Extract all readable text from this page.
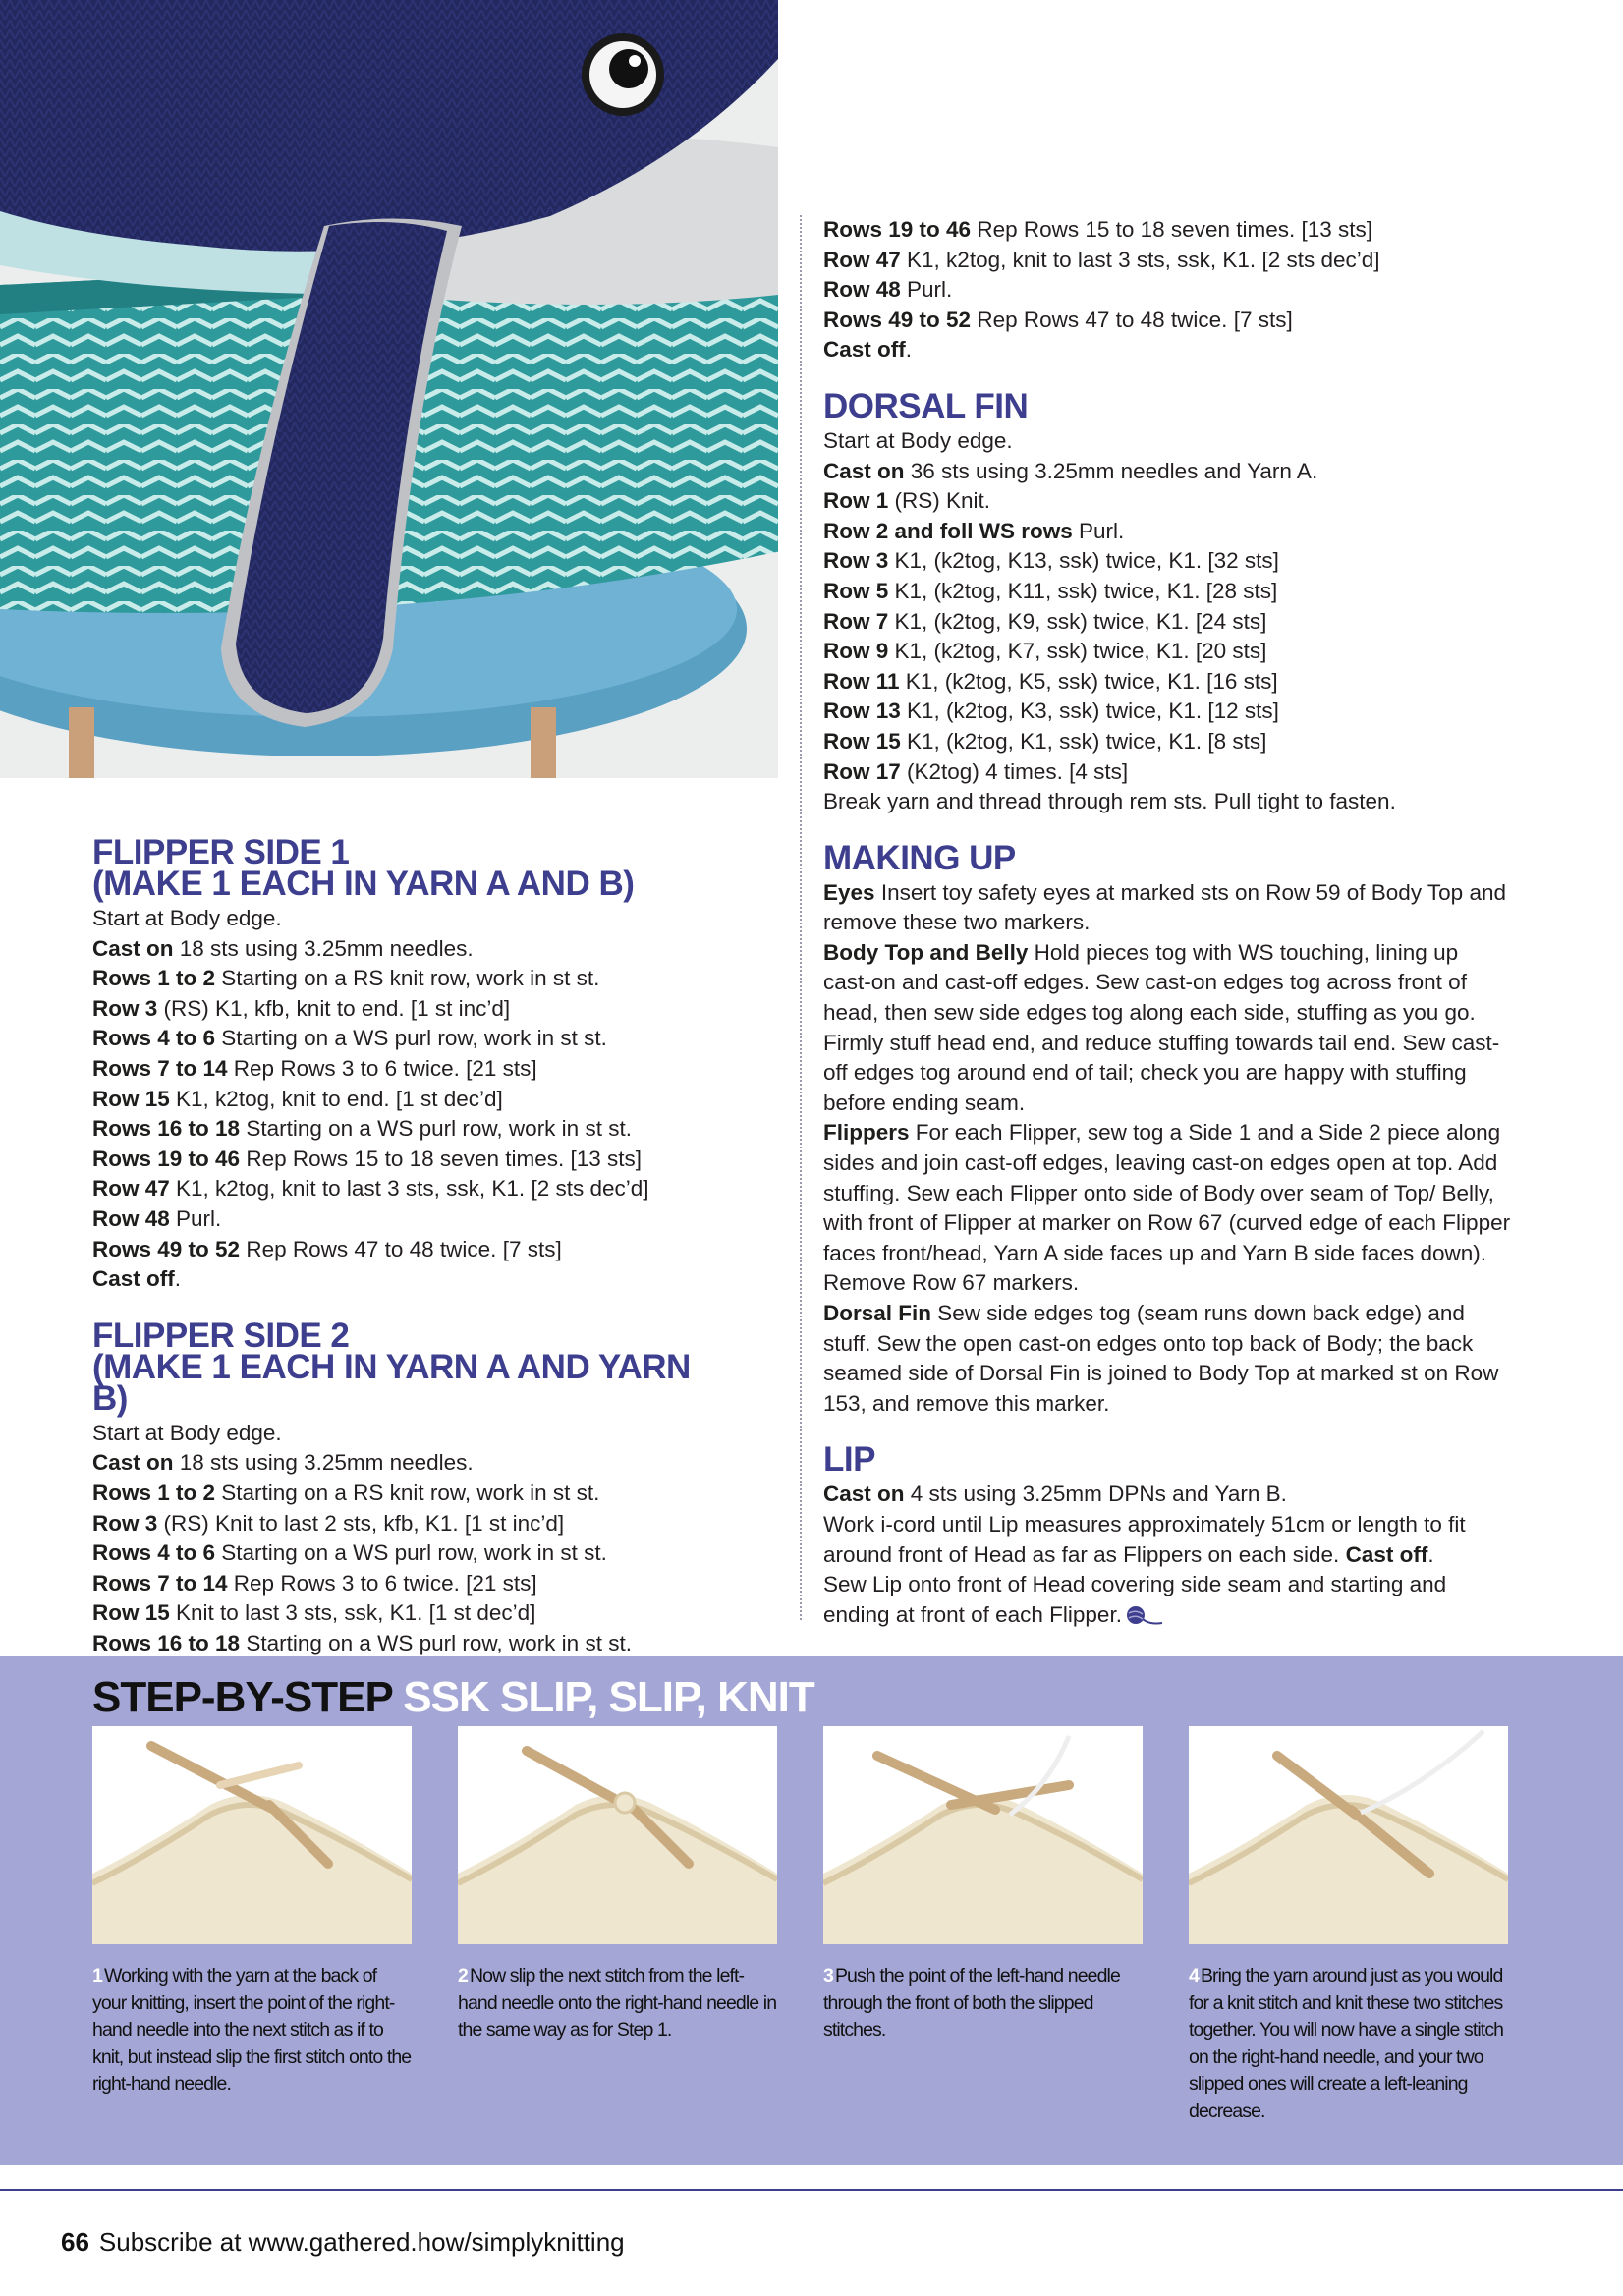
FLIPPER SIDE 1
(MAKE 1 EACH IN YARN A AND B)

Start at Body edge.

Cast on 18 sts using 3.25mm needles.

Rows 1 to 2 Starting on a RS knit row, work in st st.

Row 3 (RS) K1, kfb, knit to end. [1 st inc’d]

Rows 4 to 6 Starting on a WS purl row, work in st st.

Rows 7 to 14 Rep Rows 3 to 6 twice. [21 sts]

Row 15 K1, k2tog, knit to end. [1 st dec’d]

Rows 16 to 18 Starting on a WS purl row, work in st st.

Rows 19 to 46 Rep Rows 15 to 18 seven times. [13 sts]

Row 47 K1, k2tog, knit to last 3 sts, ssk, K1. [2 sts dec’d]

Row 48 Purl.

Rows 49 to 52 Rep Rows 47 to 48 twice. [7 sts]

Cast off.

FLIPPER SIDE 2
(MAKE 1 EACH IN YARN A AND YARN B)

Start at Body edge.

Cast on 18 sts using 3.25mm needles.

Rows 1 to 2 Starting on a RS knit row, work in st st.

Row 3 (RS) Knit to last 2 sts, kfb, K1. [1 st inc’d]

Rows 4 to 6 Starting on a WS purl row, work in st st.

Rows 7 to 14 Rep Rows 3 to 6 twice. [21 sts]

Row 15 Knit to last 3 sts, ssk, K1. [1 st dec’d]

Rows 16 to 18 Starting on a WS purl row, work in st st.

Rows 19 to 46 Rep Rows 15 to 18 seven times. [13 sts]

Row 47 K1, k2tog, knit to last 3 sts, ssk, K1. [2 sts dec’d]

Row 48 Purl.

Rows 49 to 52 Rep Rows 47 to 48 twice. [7 sts]

Cast off.

DORSAL FIN

Start at Body edge.

Cast on 36 sts using 3.25mm needles and Yarn A.

Row 1 (RS) Knit.

Row 2 and foll WS rows Purl.

Row 3 K1, (k2tog, K13, ssk) twice, K1. [32 sts]

Row 5 K1, (k2tog, K11, ssk) twice, K1. [28 sts]

Row 7 K1, (k2tog, K9, ssk) twice, K1. [24 sts]

Row 9 K1, (k2tog, K7, ssk) twice, K1. [20 sts]

Row 11 K1, (k2tog, K5, ssk) twice, K1. [16 sts]

Row 13 K1, (k2tog, K3, ssk) twice, K1. [12 sts]

Row 15 K1, (k2tog, K1, ssk) twice, K1. [8 sts]

Row 17 (K2tog) 4 times. [4 sts]

Break yarn and thread through rem sts. Pull tight to fasten.

MAKING UP

Eyes Insert toy safety eyes at marked sts on Row 59 of Body Top and remove these two markers.

Body Top and Belly Hold pieces tog with WS touching, lining up cast-on and cast-off edges. Sew cast-on edges tog across front of head, then sew side edges tog along each side, stuffing as you go. Firmly stuff head end, and reduce stuffing towards tail end. Sew cast-off edges tog around end of tail; check you are happy with stuffing before ending seam.

Flippers For each Flipper, sew tog a Side 1 and a Side 2 piece along sides and join cast-off edges, leaving cast-on edges open at top. Add stuffing. Sew each Flipper onto side of Body over seam of Top/ Belly, with front of Flipper at marker on Row 67 (curved edge of each Flipper faces front/head, Yarn A side faces up and Yarn B side faces down). Remove Row 67 markers.

Dorsal Fin Sew side edges tog (seam runs down back edge) and stuff. Sew the open cast-on edges onto top back of Body; the back seamed side of Dorsal Fin is joined to Body Top at marked st on Row 153, and remove this marker.

LIP

Cast on 4 sts using 3.25mm DPNs and Yarn B.

Work i-cord until Lip measures approximately 51cm or length to fit around front of Head as far as Flippers on each side. Cast off.

Sew Lip onto front of Head covering side seam and starting and ending at front of each Flipper.

STEP-BY-STEP SSK SLIP, SLIP, KNIT
1 Working with the yarn at the back of your knitting, insert the point of the right-hand needle into the next stitch as if to knit, but instead slip the first stitch onto the right-hand needle.
2 Now slip the next stitch from the left-hand needle onto the right-hand needle in the same way as for Step 1.
3 Push the point of the left-hand needle through the front of both the slipped stitches.
4 Bring the yarn around just as you would for a knit stitch and knit these two stitches together. You will now have a single stitch on the right-hand needle, and your two slipped ones will create a left-leaning decrease.
66 Subscribe at www.gathered.how/simplyknitting
